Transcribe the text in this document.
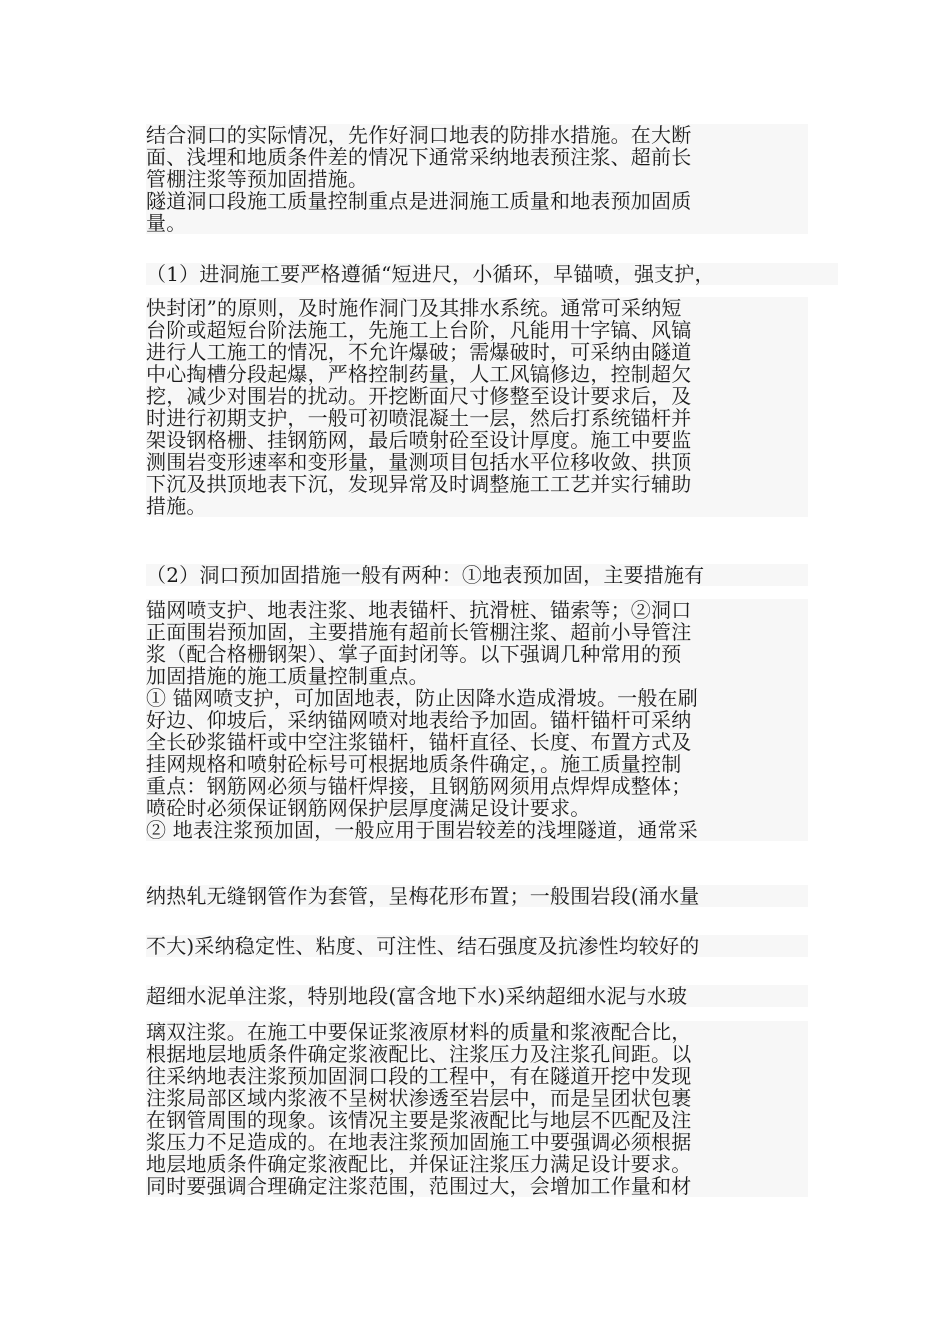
结合洞口的实际情况，先作好洞口地表的防排水措施。在大断
面、浅埋和地质条件差的情况下通常采纳地表预注浆、超前长
管棚注浆等预加固措施。
隧道洞口段施工质量控制重点是进洞施工质量和地表预加固质
量。

（1）进洞施工要严格遵循“短进尺，小循环，早锚喷，强支护，

快封闭”的原则，及时施作洞门及其排水系统。通常可采纳短
台阶或超短台阶法施工，先施工上台阶，凡能用十字镐、风镐
进行人工施工的情况，不允许爆破；需爆破时，可采纳由隧道
中心掏槽分段起爆，严格控制药量，人工风镐修边，控制超欠
挖，减少对围岩的扰动。开挖断面尺寸修整至设计要求后，及
时进行初期支护，一般可初喷混凝土一层，然后打系统锚杆并
架设钢格栅、挂钢筋网，最后喷射砼至设计厚度。施工中要监
测围岩变形速率和变形量，量测项目包括水平位移收敛、拱顶
下沉及拱顶地表下沉，发现异常及时调整施工工艺并实行辅助
措施。

（2）洞口预加固措施一般有两种：①地表预加固，主要措施有

锚网喷支护、地表注浆、地表锚杆、抗滑桩、锚索等；②洞口
正面围岩预加固，主要措施有超前长管棚注浆、超前小导管注
浆（配合格栅钢架）、掌子面封闭等。以下强调几种常用的预
加固措施的施工质量控制重点。
① 锚网喷支护，可加固地表，防止因降水造成滑坡。一般在刷
好边、仰坡后，采纳锚网喷对地表给予加固。锚杆锚杆可采纳
全长砂浆锚杆或中空注浆锚杆，锚杆直径、长度、布置方式及
挂网规格和喷射砼标号可根据地质条件确定，。施工质量控制
重点：钢筋网必须与锚杆焊接，且钢筋网须用点焊焊成整体；
喷砼时必须保证钢筋网保护层厚度满足设计要求。
② 地表注浆预加固，一般应用于围岩较差的浅埋隧道，通常采

纳热轧无缝钢管作为套管，呈梅花形布置；一般围岩段(涌水量

不大)采纳稳定性、粘度、可注性、结石强度及抗渗性均较好的

超细水泥单注浆，特别地段(富含地下水)采纳超细水泥与水玻

璃双注浆。在施工中要保证浆液原材料的质量和浆液配合比，
根据地层地质条件确定浆液配比、注浆压力及注浆孔间距。以
往采纳地表注浆预加固洞口段的工程中，有在隧道开挖中发现
注浆局部区域内浆液不呈树状渗透至岩层中，而是呈团状包裹
在钢管周围的现象。该情况主要是浆液配比与地层不匹配及注
浆压力不足造成的。在地表注浆预加固施工中要强调必须根据
地层地质条件确定浆液配比，并保证注浆压力满足设计要求。
同时要强调合理确定注浆范围，范围过大，会增加工作量和材
